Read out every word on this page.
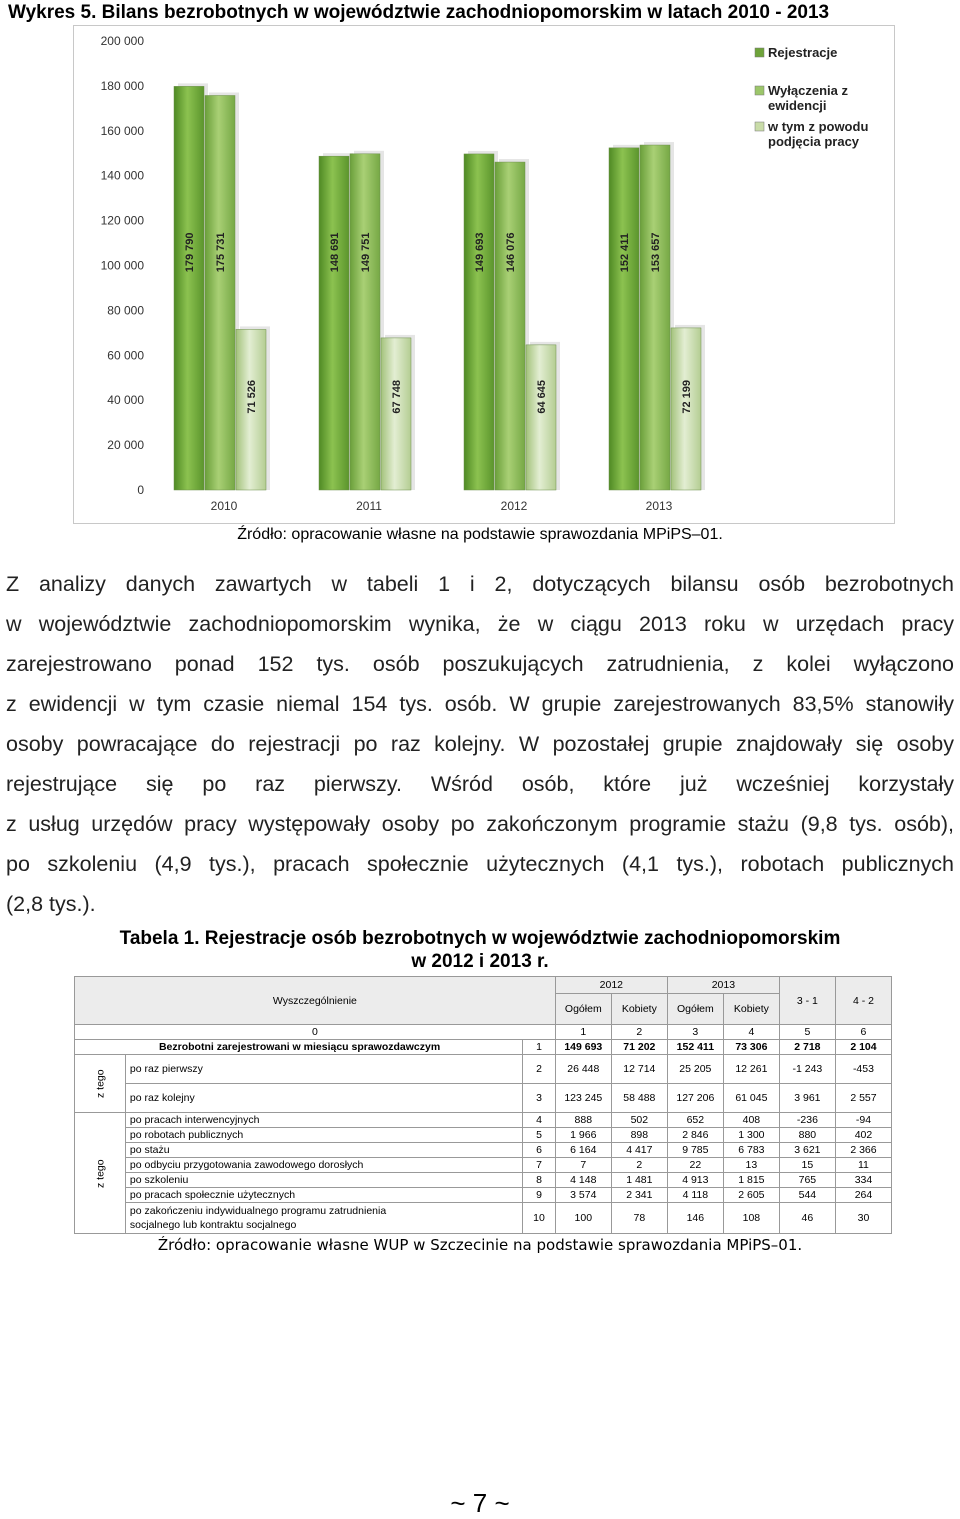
Wykres 5. Bilans bezrobotnych w województwie zachodniopomorskim w latach 2010 - 2013
0
20 000
40 000
60 000
80 000
100 000
120 000
140 000
160 000
180 000
200 000
179 790 175 731
71 526
148 691 149 751
67 748
149 693 146 076
64 645
152 411 153 657
72 199
2010	2011	2012	2013
Rejestracje
Wyłączenia z ewidencji
w tym z powodu podjęcia pracy
Źródło: opracowanie własne na podstawie sprawozdania MPiPS–01.
Z analizy danych zawartych w tabeli 1 i 2, dotyczących bilansu osób bezrobotnych
w województwie zachodniopomorskim wynika, że w ciągu 2013 roku w urzędach pracy
zarejestrowano ponad 152 tys. osób poszukujących zatrudnienia, z kolei wyłączono
z ewidencji w tym czasie niemal 154 tys. osób. W grupie zarejestrowanych 83,5% stanowiły
osoby powracające do rejestracji po raz kolejny. W pozostałej grupie znajdowały się osoby
rejestrujące się po raz pierwszy. Wśród osób, które już wcześniej korzystały
z usług urzędów pracy występowały osoby po zakończonym programie stażu (9,8 tys. osób),
po szkoleniu (4,9 tys.), pracach społecznie użytecznych (4,1 tys.), robotach publicznych
(2,8 tys.).
Tabela 1. Rejestracje osób bezrobotnych w województwie zachodniopomorskim
w 2012 i 2013 r.
Wyszczególnienie			2012		2013		3 - 1	4 - 2
			Ogółem	Kobiety	Ogółem	Kobiety		
0			1	2	3	4	5	6
Bezrobotni zarejestrowani w miesiącu sprawozdawczym		1	149 693	71 202	152 411	73 306	2 718	2 104
z tego	po raz pierwszy	2	26 448	12 714	25 205	12 261	-1 243	-453
	po raz kolejny	3	123 245	58 488	127 206	61 045	3 961	2 557
z tego	po pracach interwencyjnych	4	888	502	652	408	-236	-94
	po robotach publicznych	5	1 966	898	2 846	1 300	880	402
	po stażu	6	6 164	4 417	9 785	6 783	3 621	2 366
	po odbyciu przygotowania zawodowego dorosłych	7	7	2	22	13	15	11
	po szkoleniu	8	4 148	1 481	4 913	1 815	765	334
	po pracach społecznie użytecznych	9	3 574	2 341	4 118	2 605	544	264
	po zakończeniu indywidualnego programu zatrudnienia socjalnego lub kontraktu socjalnego	10	100	78	146	108	46	30
Źródło: opracowanie własne WUP w Szczecinie na podstawie sprawozdania MPiPS–01.
~ 7 ~
